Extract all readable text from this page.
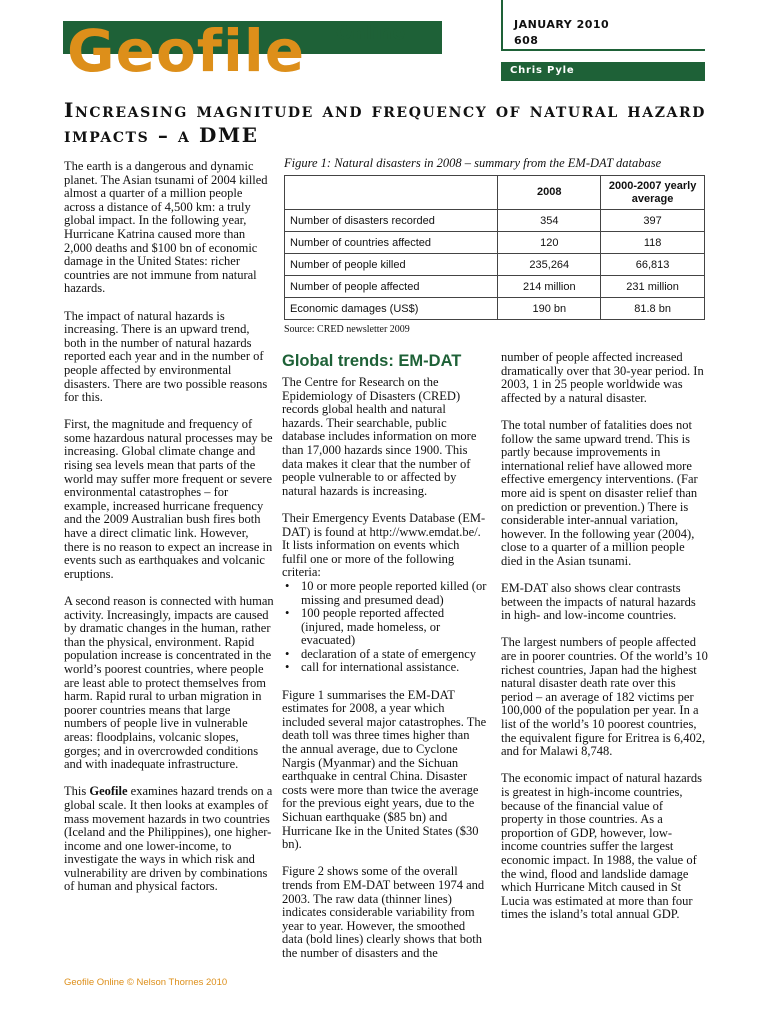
Geofile Online	JANUARY 2010
608
Chris Pyle
Increasing magnitude and frequency of natural hazard impacts – a DME

The earth is a dangerous and dynamic planet. The Asian tsunami of 2004 killed almost a quarter of a million people across a distance of 4,500 km: a truly global impact. In the following year, Hurricane Katrina caused more than 2,000 deaths and $100 bn of economic damage in the United States: richer countries are not immune from natural hazards.

The impact of natural hazards is increasing. There is an upward trend, both in the number of natural hazards reported each year and in the number of people affected by environmental disasters. There are two possible reasons for this.

First, the magnitude and frequency of some hazardous natural processes may be increasing. Global climate change and rising sea levels mean that parts of the world may suffer more frequent or severe environmental catastrophes – for example, increased hurricane frequency and the 2009 Australian bush fires both have a direct climatic link. However, there is no reason to expect an increase in events such as earthquakes and volcanic eruptions.

A second reason is connected with human activity. Increasingly, impacts are caused by dramatic changes in the human, rather than the physical, environment. Rapid population increase is concentrated in the world’s poorest countries, where people are least able to protect themselves from harm. Rapid rural to urban migration in poorer countries means that large numbers of people live in vulnerable areas: floodplains, volcanic slopes, gorges; and in overcrowded conditions and with inadequate infrastructure.

This Geofile examines hazard trends on a global scale. It then looks at examples of mass movement hazards in two countries (Iceland and the Philippines), one higher-income and one lower-income, to investigate the ways in which risk and vulnerability are driven by combinations of human and physical factors.

Figure 1: Natural disasters in 2008 – summary from the EM-DAT database
	2008	2000-2007 yearly average
Number of disasters recorded	354	397
Number of countries affected	120	118
Number of people killed	235,264	66,813
Number of people affected	214 million	231 million
Economic damages (US$)	190 bn	81.8 bn
Source: CRED newsletter 2009
Global trends: EM-DAT

The Centre for Research on the Epidemiology of Disasters (CRED) records global health and natural hazards. Their searchable, public database includes information on more than 17,000 hazards since 1900. This data makes it clear that the number of people vulnerable to or affected by natural hazards is increasing.

Their Emergency Events Database (EM-DAT) is found at http://www.emdat.be/. It lists information on events which fulfil one or more of the following criteria:

• 10 or more people reported killed (or missing and presumed dead)
• 100 people reported affected (injured, made homeless, or evacuated)
• declaration of a state of emergency
• call for international assistance.

Figure 1 summarises the EM-DAT estimates for 2008, a year which included several major catastrophes. The death toll was three times higher than the annual average, due to Cyclone Nargis (Myanmar) and the Sichuan earthquake in central China. Disaster costs were more than twice the average for the previous eight years, due to the Sichuan earthquake ($85 bn) and Hurricane Ike in the United States ($30 bn).

Figure 2 shows some of the overall trends from EM-DAT between 1974 and 2003. The raw data (thinner lines) indicates considerable variability from year to year. However, the smoothed data (bold lines) clearly shows that both the number of disasters and the

number of people affected increased dramatically over that 30-year period. In 2003, 1 in 25 people worldwide was affected by a natural disaster.

The total number of fatalities does not follow the same upward trend. This is partly because improvements in international relief have allowed more effective emergency interventions. (Far more aid is spent on disaster relief than on prediction or prevention.) There is considerable inter-annual variation, however. In the following year (2004), close to a quarter of a million people died in the Asian tsunami.

EM-DAT also shows clear contrasts between the impacts of natural hazards in high- and low-income countries.

The largest numbers of people affected are in poorer countries. Of the world’s 10 richest countries, Japan had the highest natural disaster death rate over this period – an average of 182 victims per 100,000 of the population per year. In a list of the world’s 10 poorest countries, the equivalent figure for Eritrea is 6,402, and for Malawi 8,748.

The economic impact of natural hazards is greatest in high-income countries, because of the financial value of property in those countries. As a proportion of GDP, however, low-income countries suffer the largest economic impact. In 1988, the value of the wind, flood and landslide damage which Hurricane Mitch caused in St Lucia was estimated at more than four times the island’s total annual GDP.

Geofile Online © Nelson Thornes 2010
